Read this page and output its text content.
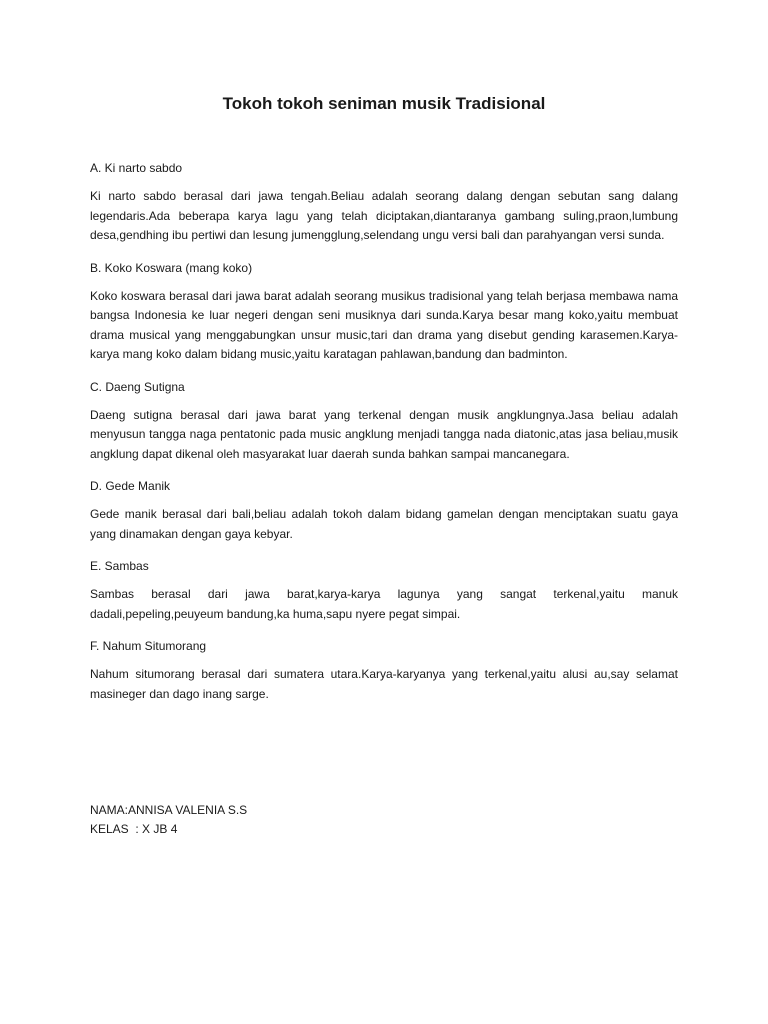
Tokoh tokoh seniman musik Tradisional

A. Ki narto sabdo

Ki narto sabdo berasal dari jawa tengah.Beliau adalah seorang dalang dengan sebutan sang dalang legendaris.Ada beberapa karya lagu yang telah diciptakan,diantaranya gambang suling,praon,lumbung desa,gendhing ibu pertiwi dan lesung jumengglung,selendang ungu versi bali dan parahyangan versi sunda.

B. Koko Koswara (mang koko)

Koko koswara berasal dari jawa barat adalah seorang musikus tradisional yang telah berjasa membawa nama bangsa Indonesia ke luar negeri dengan seni musiknya dari sunda.Karya besar mang koko,yaitu membuat drama musical yang menggabungkan unsur music,tari dan drama yang disebut gending karasemen.Karya-karya mang koko dalam bidang music,yaitu karatagan pahlawan,bandung dan badminton.

C. Daeng Sutigna

Daeng sutigna berasal dari jawa barat yang terkenal dengan musik angklungnya.Jasa beliau adalah menyusun tangga naga pentatonic pada music angklung menjadi tangga nada diatonic,atas jasa beliau,musik angklung dapat dikenal oleh masyarakat luar daerah sunda bahkan sampai mancanegara.

D. Gede Manik

Gede manik berasal dari bali,beliau adalah tokoh dalam bidang gamelan dengan menciptakan suatu gaya yang dinamakan dengan gaya kebyar.

E. Sambas

Sambas berasal dari jawa barat,karya-karya lagunya yang sangat terkenal,yaitu manuk dadali,pepeling,peuyeum bandung,ka huma,sapu nyere pegat simpai.

F. Nahum Situmorang

Nahum situmorang berasal dari sumatera utara.Karya-karyanya yang terkenal,yaitu alusi au,say selamat masineger dan dago inang sarge.

NAMA:ANNISA VALENIA S.S

KELAS  : X JB 4
